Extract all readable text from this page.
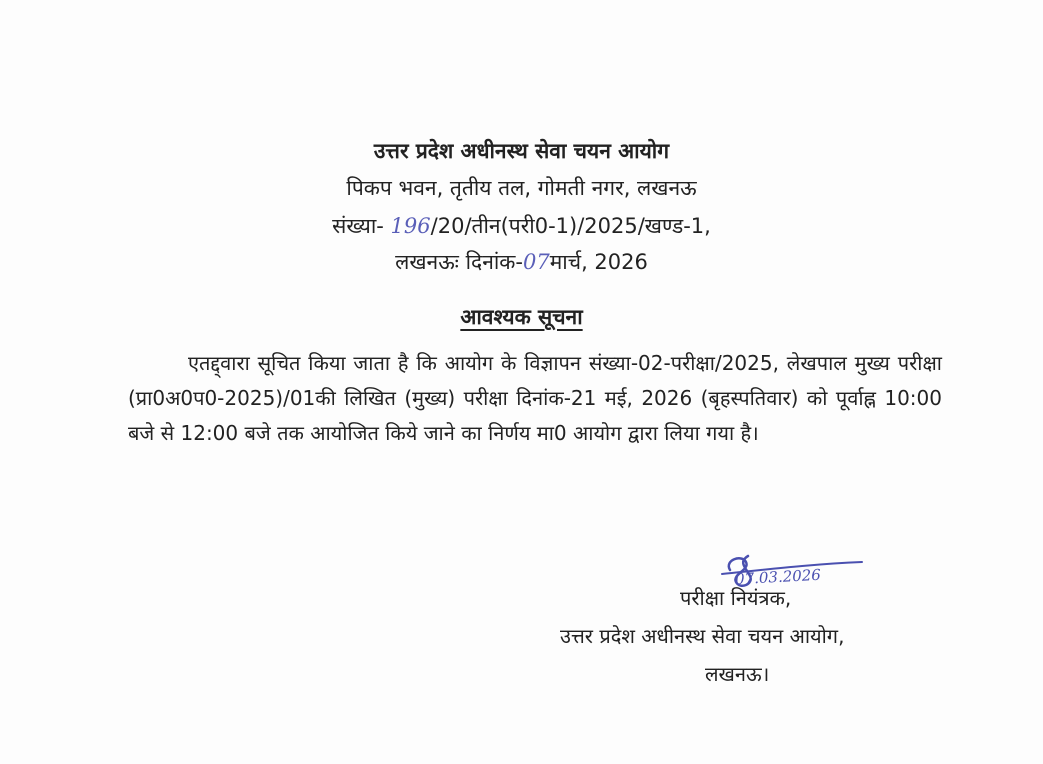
उत्तर प्रदेश अधीनस्थ सेवा चयन आयोग
पिकप भवन, तृतीय तल, गोमती नगर, लखनऊ
संख्या- 196/20/तीन(परी0-1)/2025/खण्ड-1,
लखनऊः दिनांक-07मार्च, 2026
आवश्यक सूचना

एतद्द्वारा सूचित किया जाता है कि आयोग के विज्ञापन संख्या-02-परीक्षा/2025, लेखपाल मुख्य परीक्षा (प्रा0अ0प0-2025)/01की लिखित (मुख्य) परीक्षा दिनांक-21 मई, 2026 (बृहस्पतिवार) को पूर्वाह्न 10:00 बजे से 12:00 बजे तक आयोजित किये जाने का निर्णय मा0 आयोग द्वारा लिया गया है।

07.03.2026
परीक्षा नियंत्रक,
उत्तर प्रदेश अधीनस्थ सेवा चयन आयोग,
लखनऊ।
